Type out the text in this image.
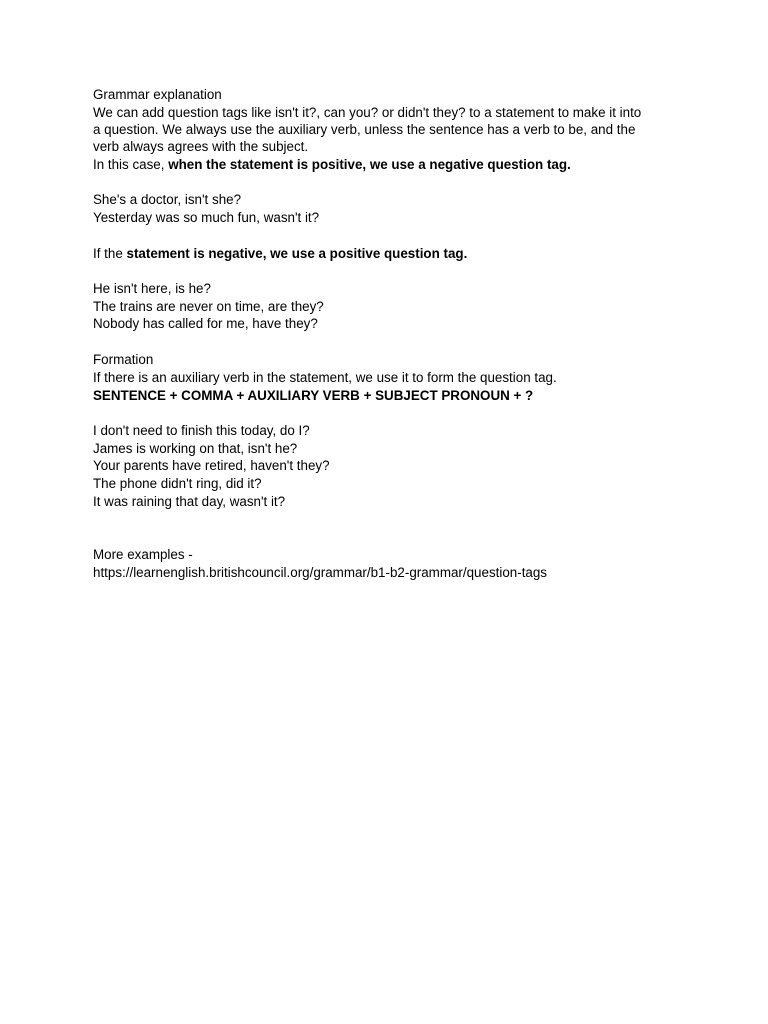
Grammar explanation
We can add question tags like isn't it?, can you? or didn't they? to a statement to make it into
a question. We always use the auxiliary verb, unless the sentence has a verb to be, and the
verb always agrees with the subject.
In this case, when the statement is positive, we use a negative question tag.
She's a doctor, isn't she?
Yesterday was so much fun, wasn't it?
If the statement is negative, we use a positive question tag.
He isn't here, is he?
The trains are never on time, are they?
Nobody has called for me, have they?
Formation
If there is an auxiliary verb in the statement, we use it to form the question tag.
SENTENCE + COMMA + AUXILIARY VERB + SUBJECT PRONOUN + ?
I don't need to finish this today, do I?
James is working on that, isn't he?
Your parents have retired, haven't they?
The phone didn't ring, did it?
It was raining that day, wasn't it?
More examples -
https://learnenglish.britishcouncil.org/grammar/b1-b2-grammar/question-tags
